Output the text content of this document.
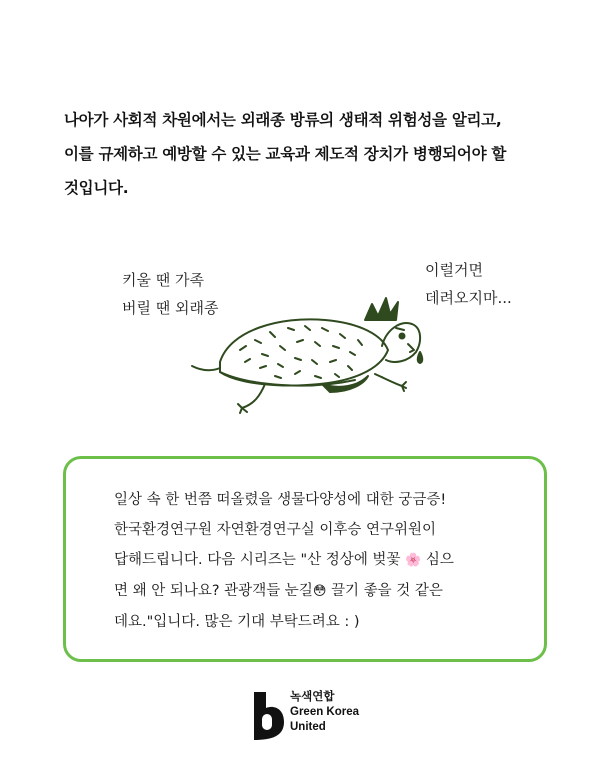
나아가 사회적 차원에서는 외래종 방류의 생태적 위험성을 알리고,
이를 규제하고 예방할 수 있는 교육과 제도적 장치가 병행되어야 할
것입니다.
키울 땐 가족
버릴 땐 외래종
이럴거면
데려오지마...
일상 속 한 번쯤 떠올렸을 생물다양성에 대한 궁금증!
한국환경연구원 자연환경연구실 이후승 연구위원이
답해드립니다. 다음 시리즈는 "산 정상에 벚꽃 🌸 심으
면 왜 안 되나요? 관광객들 눈길😳 끌기 좋을 것 같은
데요."입니다. 많은 기대 부탁드려요 : )
녹색연합
Green Korea
United
